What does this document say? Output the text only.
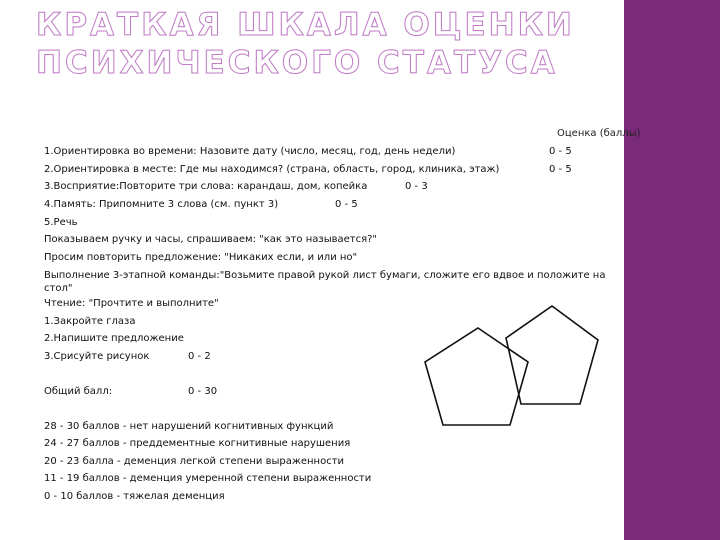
КРАТКАЯ ШКАЛА ОЦЕНКИ
ПСИХИЧЕСКОГО СТАТУСА
Оценка (баллы)
1.Ориентировка во времени: Назовите дату (число, месяц, год, день недели)	0 - 5
2.Ориентировка в месте: Где мы находимся? (страна, область, город, клиника, этаж)	0 - 5
3.Восприятие:Повторите три слова: карандаш, дом, копейка	0 - 3
4.Память: Припомните 3 слова (см. пункт 3)	0 - 5
5.Речь
Показываем ручку и часы, спрашиваем: "как это называется?"
Просим повторить предложение: "Никаких если, и или но"
Выполнение 3-этапной команды:"Возьмите правой рукой лист бумаги, сложите его вдвое и положите на стол"
Чтение: "Прочтите и выполните"
1.Закройте глаза
2.Напишите предложение
3.Срисуйте рисунок	0 - 2
Общий балл:	0 - 30
28 - 30 баллов - нет нарушений когнитивных функций
24 - 27 баллов - преддементные когнитивные нарушения
20 - 23 балла - деменция легкой степени выраженности
11 - 19 баллов - деменция умеренной степени выраженности
0 - 10 баллов - тяжелая деменция
